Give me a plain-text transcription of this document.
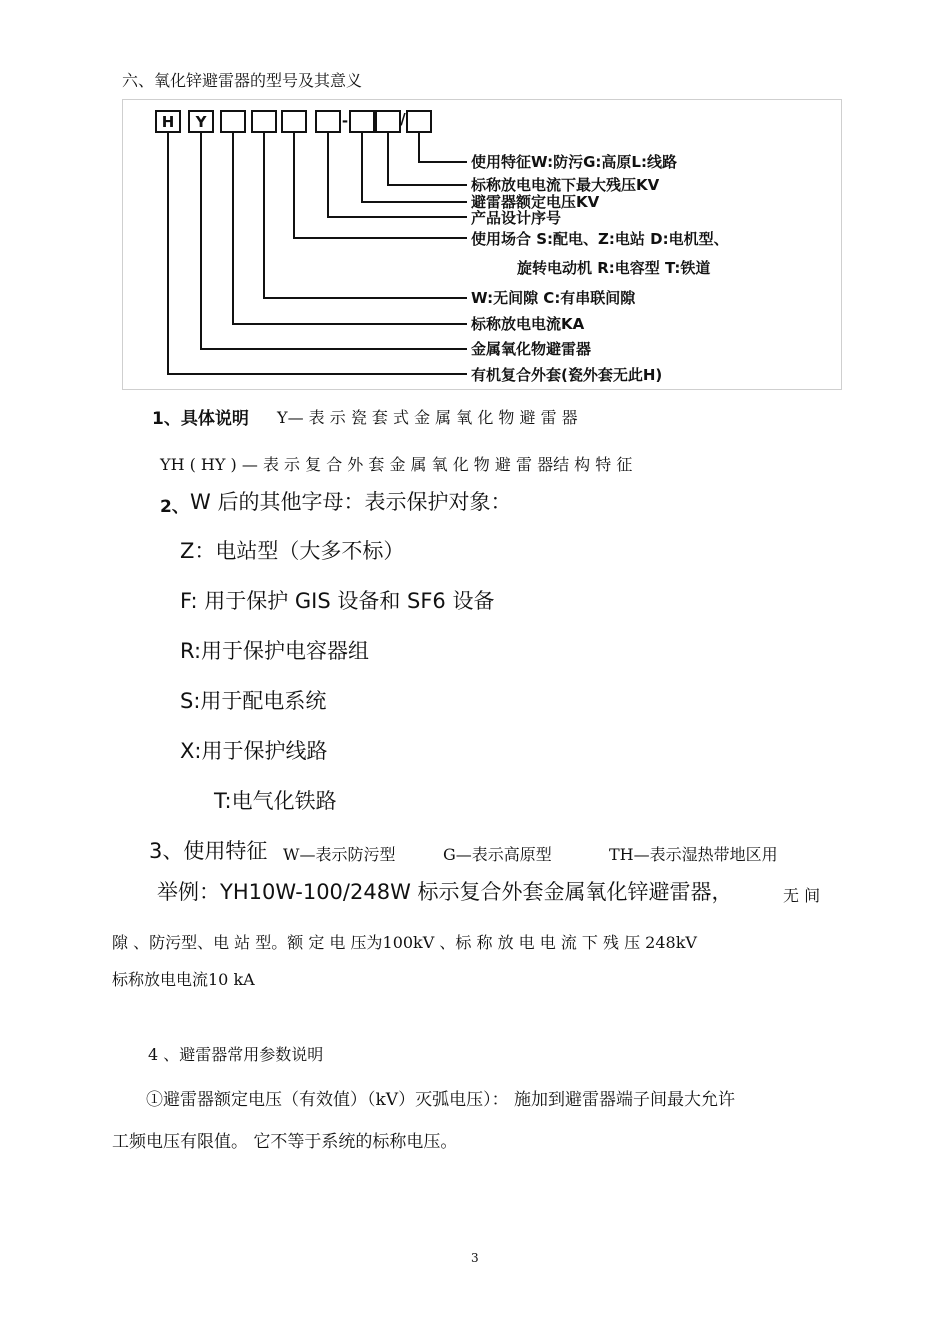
六、氧化锌避雷器的型号及其意义
H Y	-	/
使用特征W:防污G:高原L:线路
标称放电电流下最大残压KV
避雷器额定电压KV
产品设计序号
使用场合 S:配电、Z:电站 D:电机型、
旋转电动机 R:电容型 T:铁道
W:无间隙 C:有串联间隙
标称放电电流KA
金属氧化物避雷器
有机复合外套(瓷外套无此H)
1、具体说明 Y— 表 示 瓷 套 式 金 属 氧 化 物 避 雷 器
YH ( HY ) — 表 示 复 合 外 套 金 属 氧 化 物 避 雷 器结 构 特 征
2、 W 后的其他字母：表示保护对象：
Z：电站型（大多不标）
F: 用于保护 GIS 设备和 SF6 设备
R:用于保护电容器组
S:用于配电系统
X:用于保护线路
T:电气化铁路
3、使用特征 W—表示防污型	G—表示高原型	TH—表示湿热带地区用
举例：YH10W-100/248W 标示复合外套金属氧化锌避雷器，	无 间
隙 、防污型、电 站 型。额 定 电 压为100kV 、标 称 放 电 电 流 下 残 压 248kV
标称放电电流10 kA
4 、避雷器常用参数说明
①避雷器额定电压（有效值）（kV）灭弧电压）： 施加到避雷器端子间最大允许
工频电压有限值。 它不等于系统的标称电压。
3
